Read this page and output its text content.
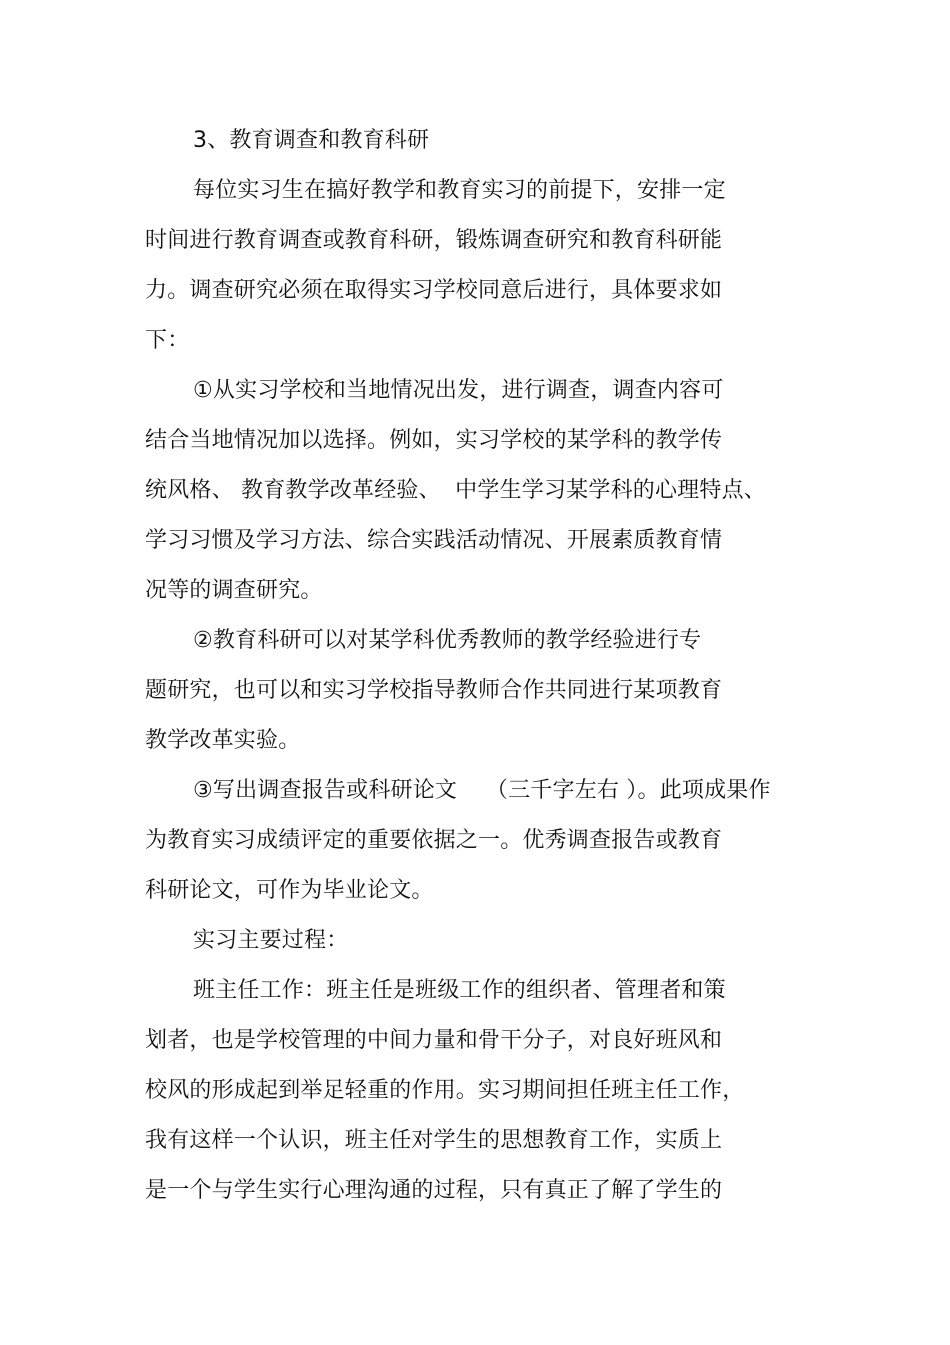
3、教育调查和教育科研
每位实习生在搞好教学和教育实习的前提下，安排一定
时间进行教育调查或教育科研，锻炼调查研究和教育科研能
力。调查研究必须在取得实习学校同意后进行，具体要求如
下：
①从实习学校和当地情况出发，进行调查，调查内容可
结合当地情况加以选择。例如，实习学校的某学科的教学传
统风格、 教育教学改革经验、  中学生学习某学科的心理特点、
学习习惯及学习方法、综合实践活动情况、开展素质教育情
况等的调查研究。
②教育科研可以对某学科优秀教师的教学经验进行专
题研究，也可以和实习学校指导教师合作共同进行某项教育
教学改革实验。
③写出调查报告或科研论文    （三千字左右 ）。此项成果作
为教育实习成绩评定的重要依据之一。优秀调查报告或教育
科研论文，可作为毕业论文。
实习主要过程：
班主任工作：班主任是班级工作的组织者、管理者和策
划者，也是学校管理的中间力量和骨干分子，对良好班风和
校风的形成起到举足轻重的作用。实习期间担任班主任工作，
我有这样一个认识，班主任对学生的思想教育工作，实质上
是一个与学生实行心理沟通的过程，只有真正了解了学生的
